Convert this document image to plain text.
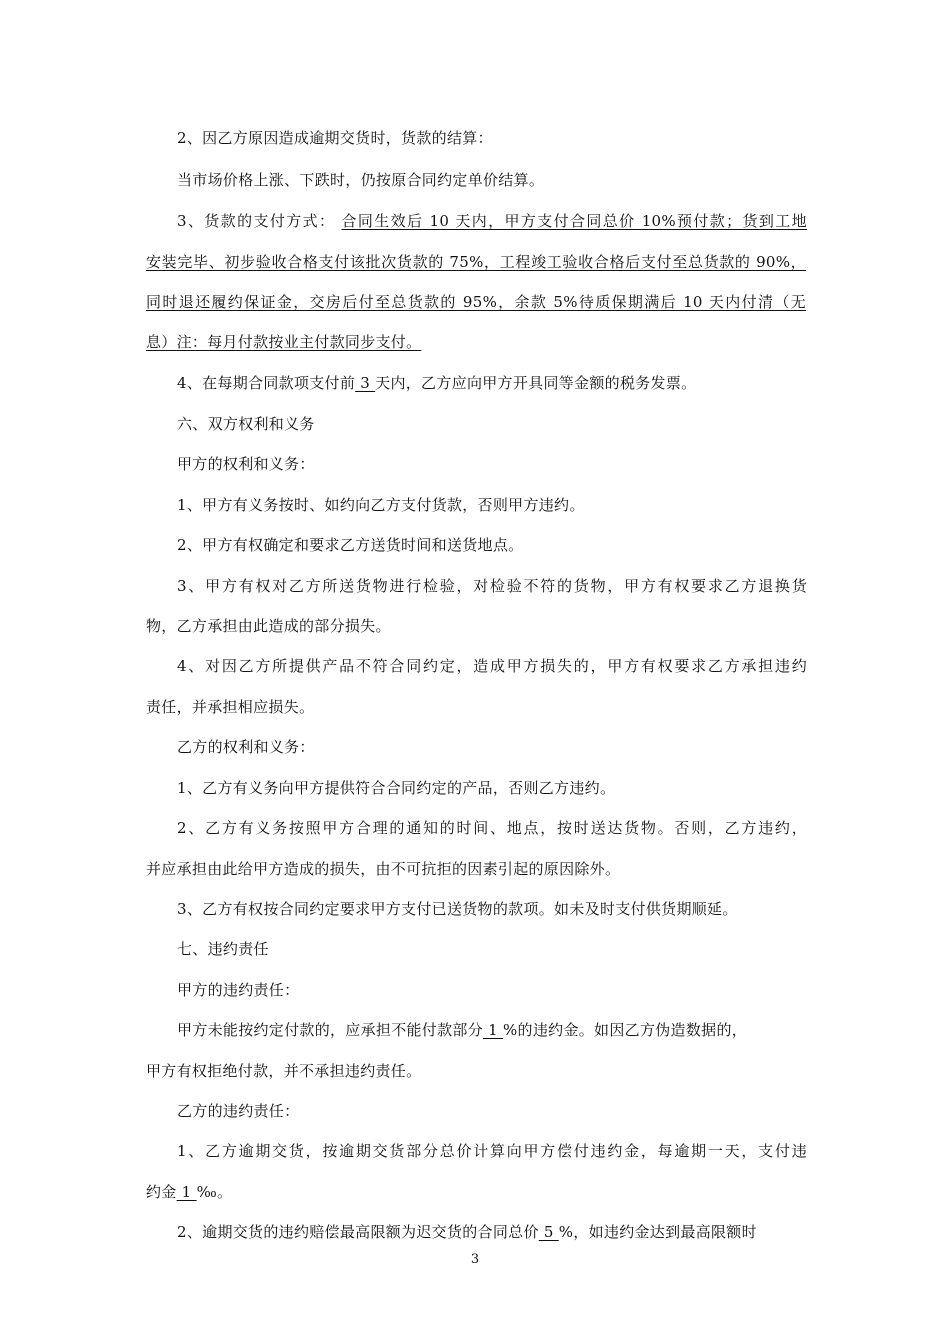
2、因乙方原因造成逾期交货时，货款的结算：
当市场价格上涨、下跌时，仍按原合同约定单价结算。
3、货款的支付方式： 合同生效后 10 天内，甲方支付合同总价 10%预付款；货到工地
安装完毕、初步验收合格支付该批次货款的 75%，工程竣工验收合格后支付至总货款的 90%，
同时退还履约保证金，交房后付至总货款的 95%，余款 5%待质保期满后 10 天内付清（无
息）注：每月付款按业主付款同步支付。
4、在每期合同款项支付前 3 天内，乙方应向甲方开具同等金额的税务发票。
六、双方权利和义务
甲方的权利和义务：
1、甲方有义务按时、如约向乙方支付货款，否则甲方违约。
2、甲方有权确定和要求乙方送货时间和送货地点。
3、甲方有权对乙方所送货物进行检验，对检验不符的货物，甲方有权要求乙方退换货
物，乙方承担由此造成的部分损失。
4、对因乙方所提供产品不符合同约定，造成甲方损失的，甲方有权要求乙方承担违约
责任，并承担相应损失。
乙方的权利和义务：
1、乙方有义务向甲方提供符合合同约定的产品，否则乙方违约。
2、乙方有义务按照甲方合理的通知的时间、地点，按时送达货物。否则，乙方违约，
并应承担由此给甲方造成的损失，由不可抗拒的因素引起的原因除外。
3、乙方有权按合同约定要求甲方支付已送货物的款项。如未及时支付供货期顺延。
七、违约责任
甲方的违约责任：
甲方未能按约定付款的，应承担不能付款部分 1 %的违约金。如因乙方伪造数据的，
甲方有权拒绝付款，并不承担违约责任。
乙方的违约责任：
1、乙方逾期交货，按逾期交货部分总价计算向甲方偿付违约金，每逾期一天，支付违
约金 1 ‰。
2、逾期交货的违约赔偿最高限额为迟交货的合同总价 5 %，如违约金达到最高限额时
3
